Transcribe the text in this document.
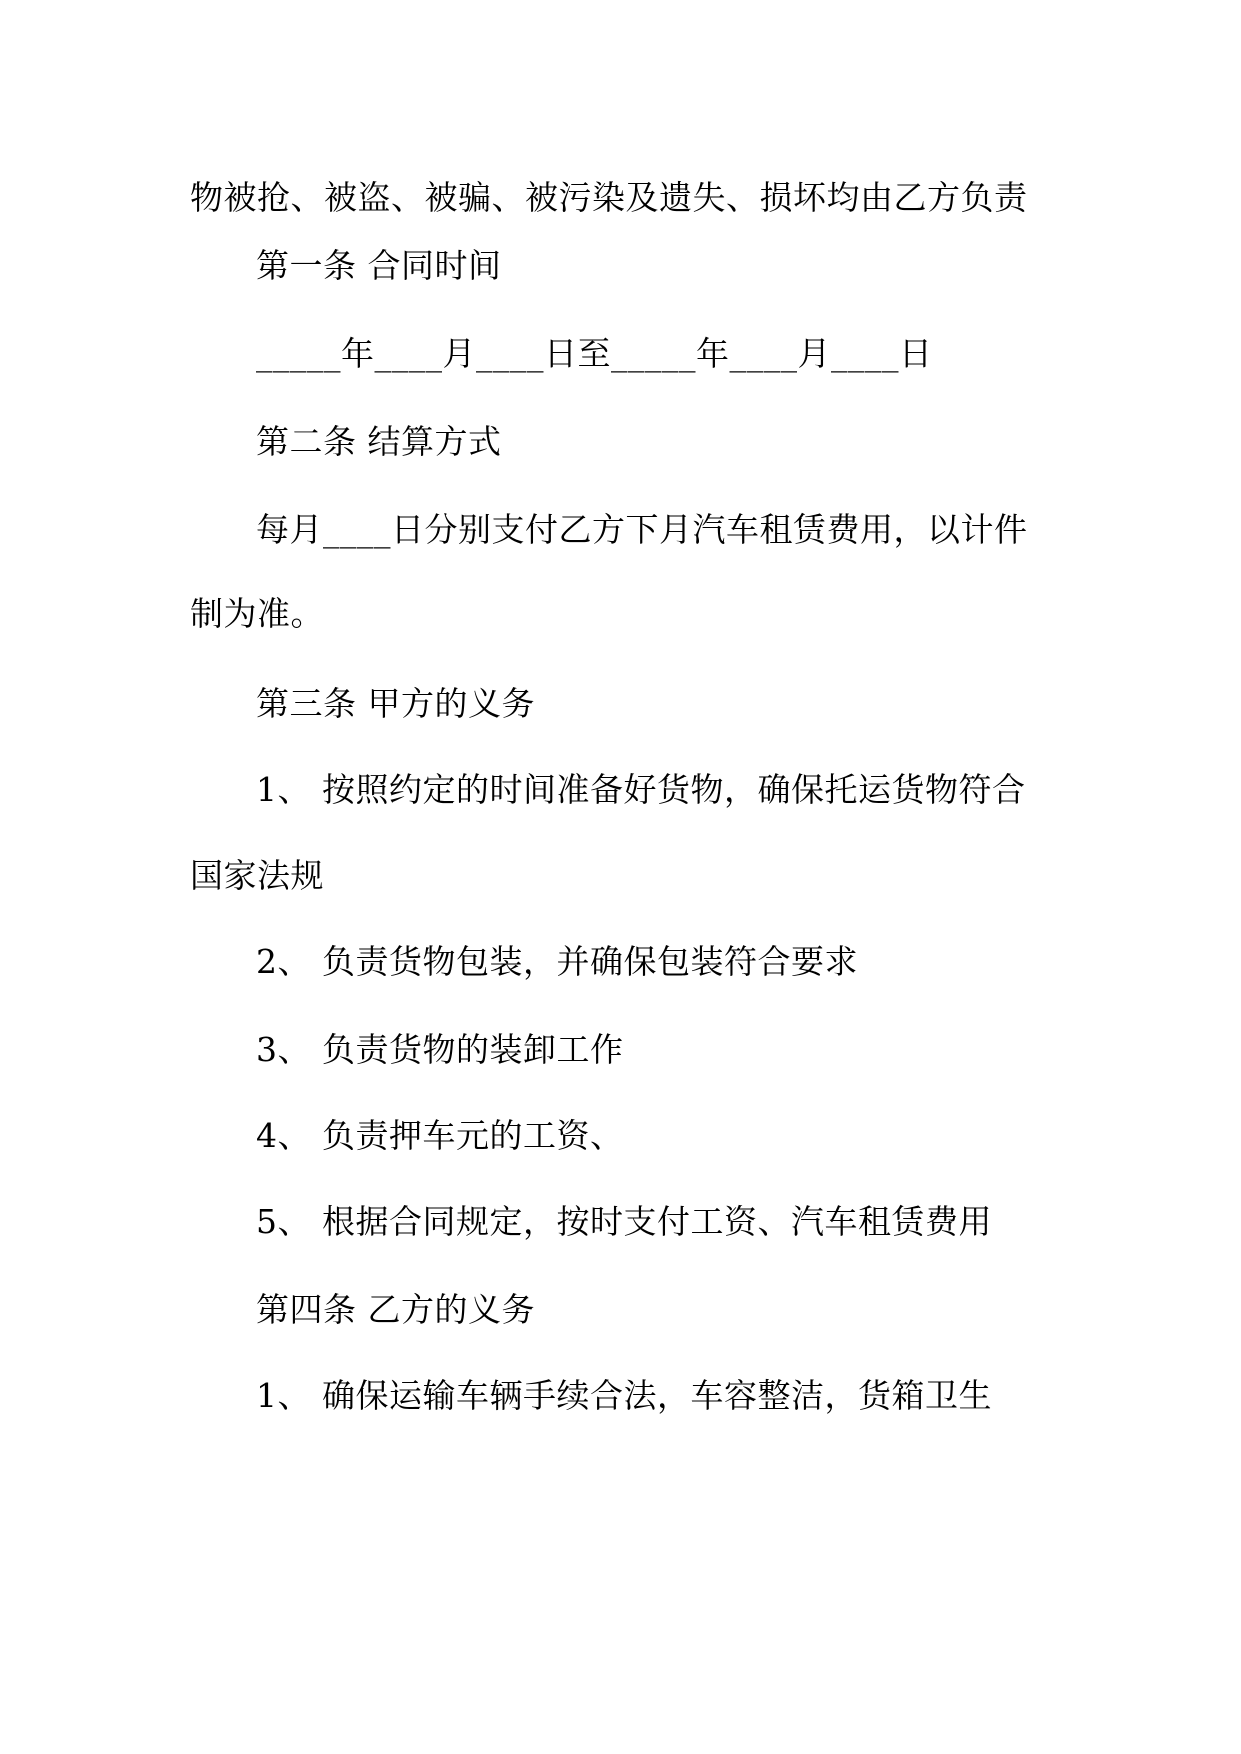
物被抢、被盗、被骗、被污染及遗失、损坏均由乙方负责
第一条 合同时间
_____年____月____日至_____年____月____日
第二条 结算方式
每月____日分别支付乙方下月汽车租赁费用，以计件
制为准。
第三条 甲方的义务
1、 按照约定的时间准备好货物，确保托运货物符合
国家法规
2、 负责货物包装，并确保包装符合要求
3、 负责货物的装卸工作
4、 负责押车元的工资、
5、 根据合同规定，按时支付工资、汽车租赁费用
第四条 乙方的义务
1、 确保运输车辆手续合法，车容整洁，货箱卫生
